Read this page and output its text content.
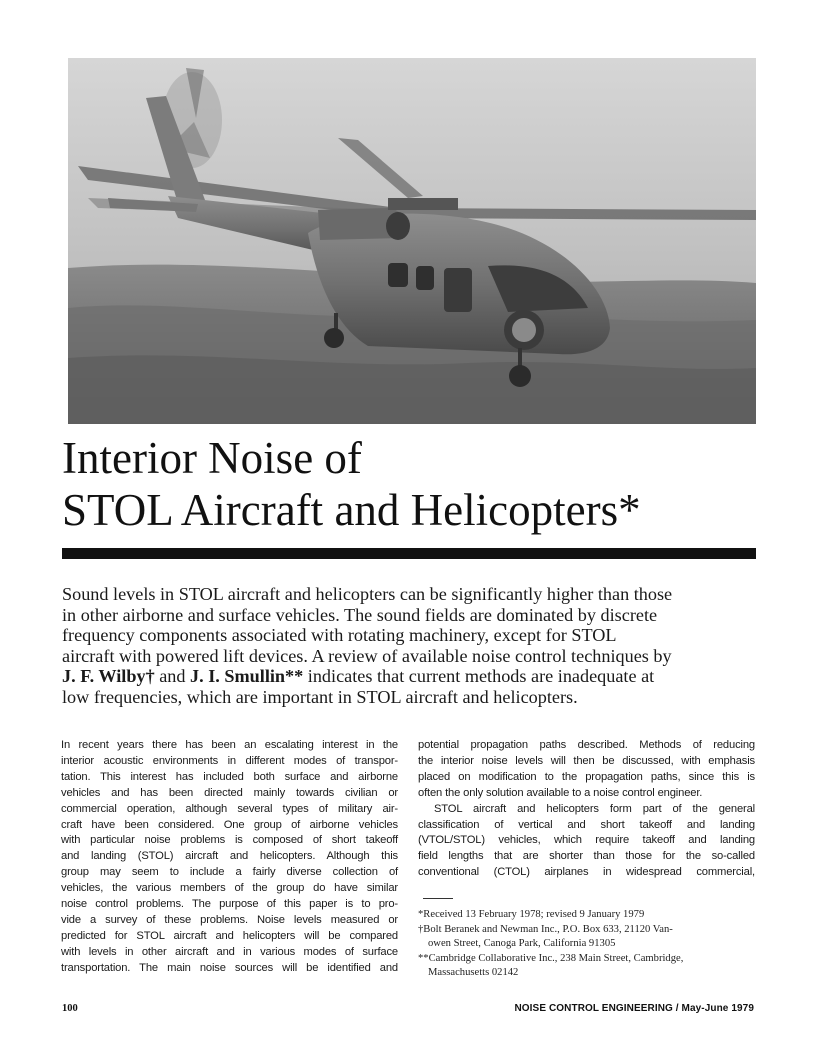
Interior Noise of
STOL Aircraft and Helicopters*

Sound levels in STOL aircraft and helicopters can be significantly higher than those
in other airborne and surface vehicles. The sound fields are dominated by discrete
frequency components associated with rotating machinery, except for STOL
aircraft with powered lift devices. A review of available noise control techniques by
J. F. Wilby† and J. I. Smullin** indicates that current methods are inadequate at
low frequencies, which are important in STOL aircraft and helicopters.

In recent years there has been an escalating interest in the
interior acoustic environments in different modes of transpor-
tation. This interest has included both surface and airborne
vehicles and has been directed mainly towards civilian or
commercial operation, although several types of military air-
craft have been considered. One group of airborne vehicles
with particular noise problems is composed of short takeoff
and landing (STOL) aircraft and helicopters. Although this
group may seem to include a fairly diverse collection of
vehicles, the various members of the group do have similar
noise control problems. The purpose of this paper is to pro-
vide a survey of these problems. Noise levels measured or
predicted for STOL aircraft and helicopters will be compared
with levels in other aircraft and in various modes of surface
transportation. The main noise sources will be identified and
potential propagation paths described. Methods of reducing
the interior noise levels will then be discussed, with emphasis
placed on modification to the propagation paths, since this is
often the only solution available to a noise control engineer.
STOL aircraft and helicopters form part of the general
classification of vertical and short takeoff and landing
(VTOL/STOL) vehicles, which require takeoff and landing
field lengths that are shorter than those for the so-called
conventional (CTOL) airplanes in widespread commercial,
*Received 13 February 1978; revised 9 January 1979
†Bolt Beranek and Newman Inc., P.O. Box 633, 21120 Van-
owen Street, Canoga Park, California 91305
**Cambridge Collaborative Inc., 238 Main Street, Cambridge,
Massachusetts 02142
100	NOISE CONTROL ENGINEERING / May-June 1979
